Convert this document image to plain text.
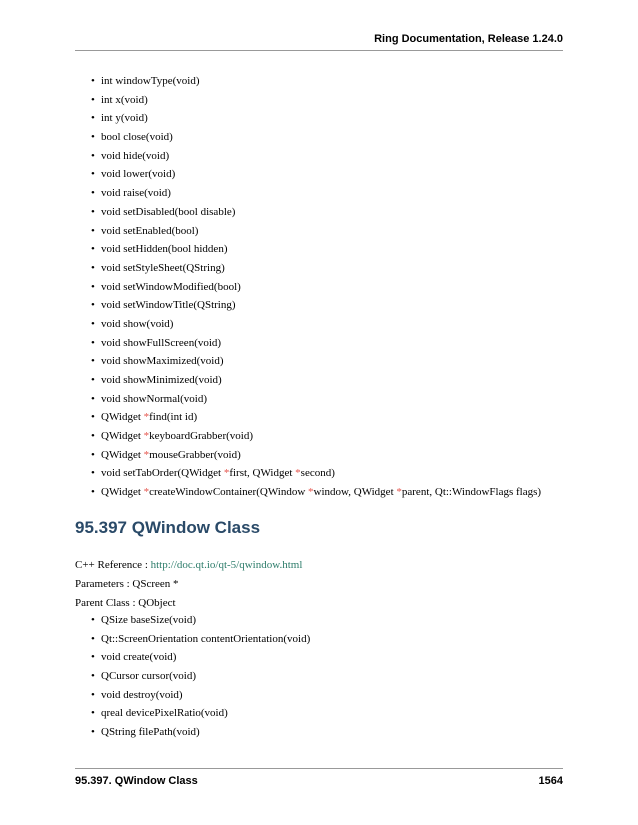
Ring Documentation, Release 1.24.0
• int windowType(void)
• int x(void)
• int y(void)
• bool close(void)
• void hide(void)
• void lower(void)
• void raise(void)
• void setDisabled(bool disable)
• void setEnabled(bool)
• void setHidden(bool hidden)
• void setStyleSheet(QString)
• void setWindowModified(bool)
• void setWindowTitle(QString)
• void show(void)
• void showFullScreen(void)
• void showMaximized(void)
• void showMinimized(void)
• void showNormal(void)
• QWidget *find(int id)
• QWidget *keyboardGrabber(void)
• QWidget *mouseGrabber(void)
• void setTabOrder(QWidget *first, QWidget *second)
• QWidget *createWindowContainer(QWindow *window, QWidget *parent, Qt::WindowFlags flags)
95.397 QWindow Class
C++ Reference : http://doc.qt.io/qt-5/qwindow.html
Parameters : QScreen *
Parent Class : QObject
• QSize baseSize(void)
• Qt::ScreenOrientation contentOrientation(void)
• void create(void)
• QCursor cursor(void)
• void destroy(void)
• qreal devicePixelRatio(void)
• QString filePath(void)
95.397. QWindow Class	1564
